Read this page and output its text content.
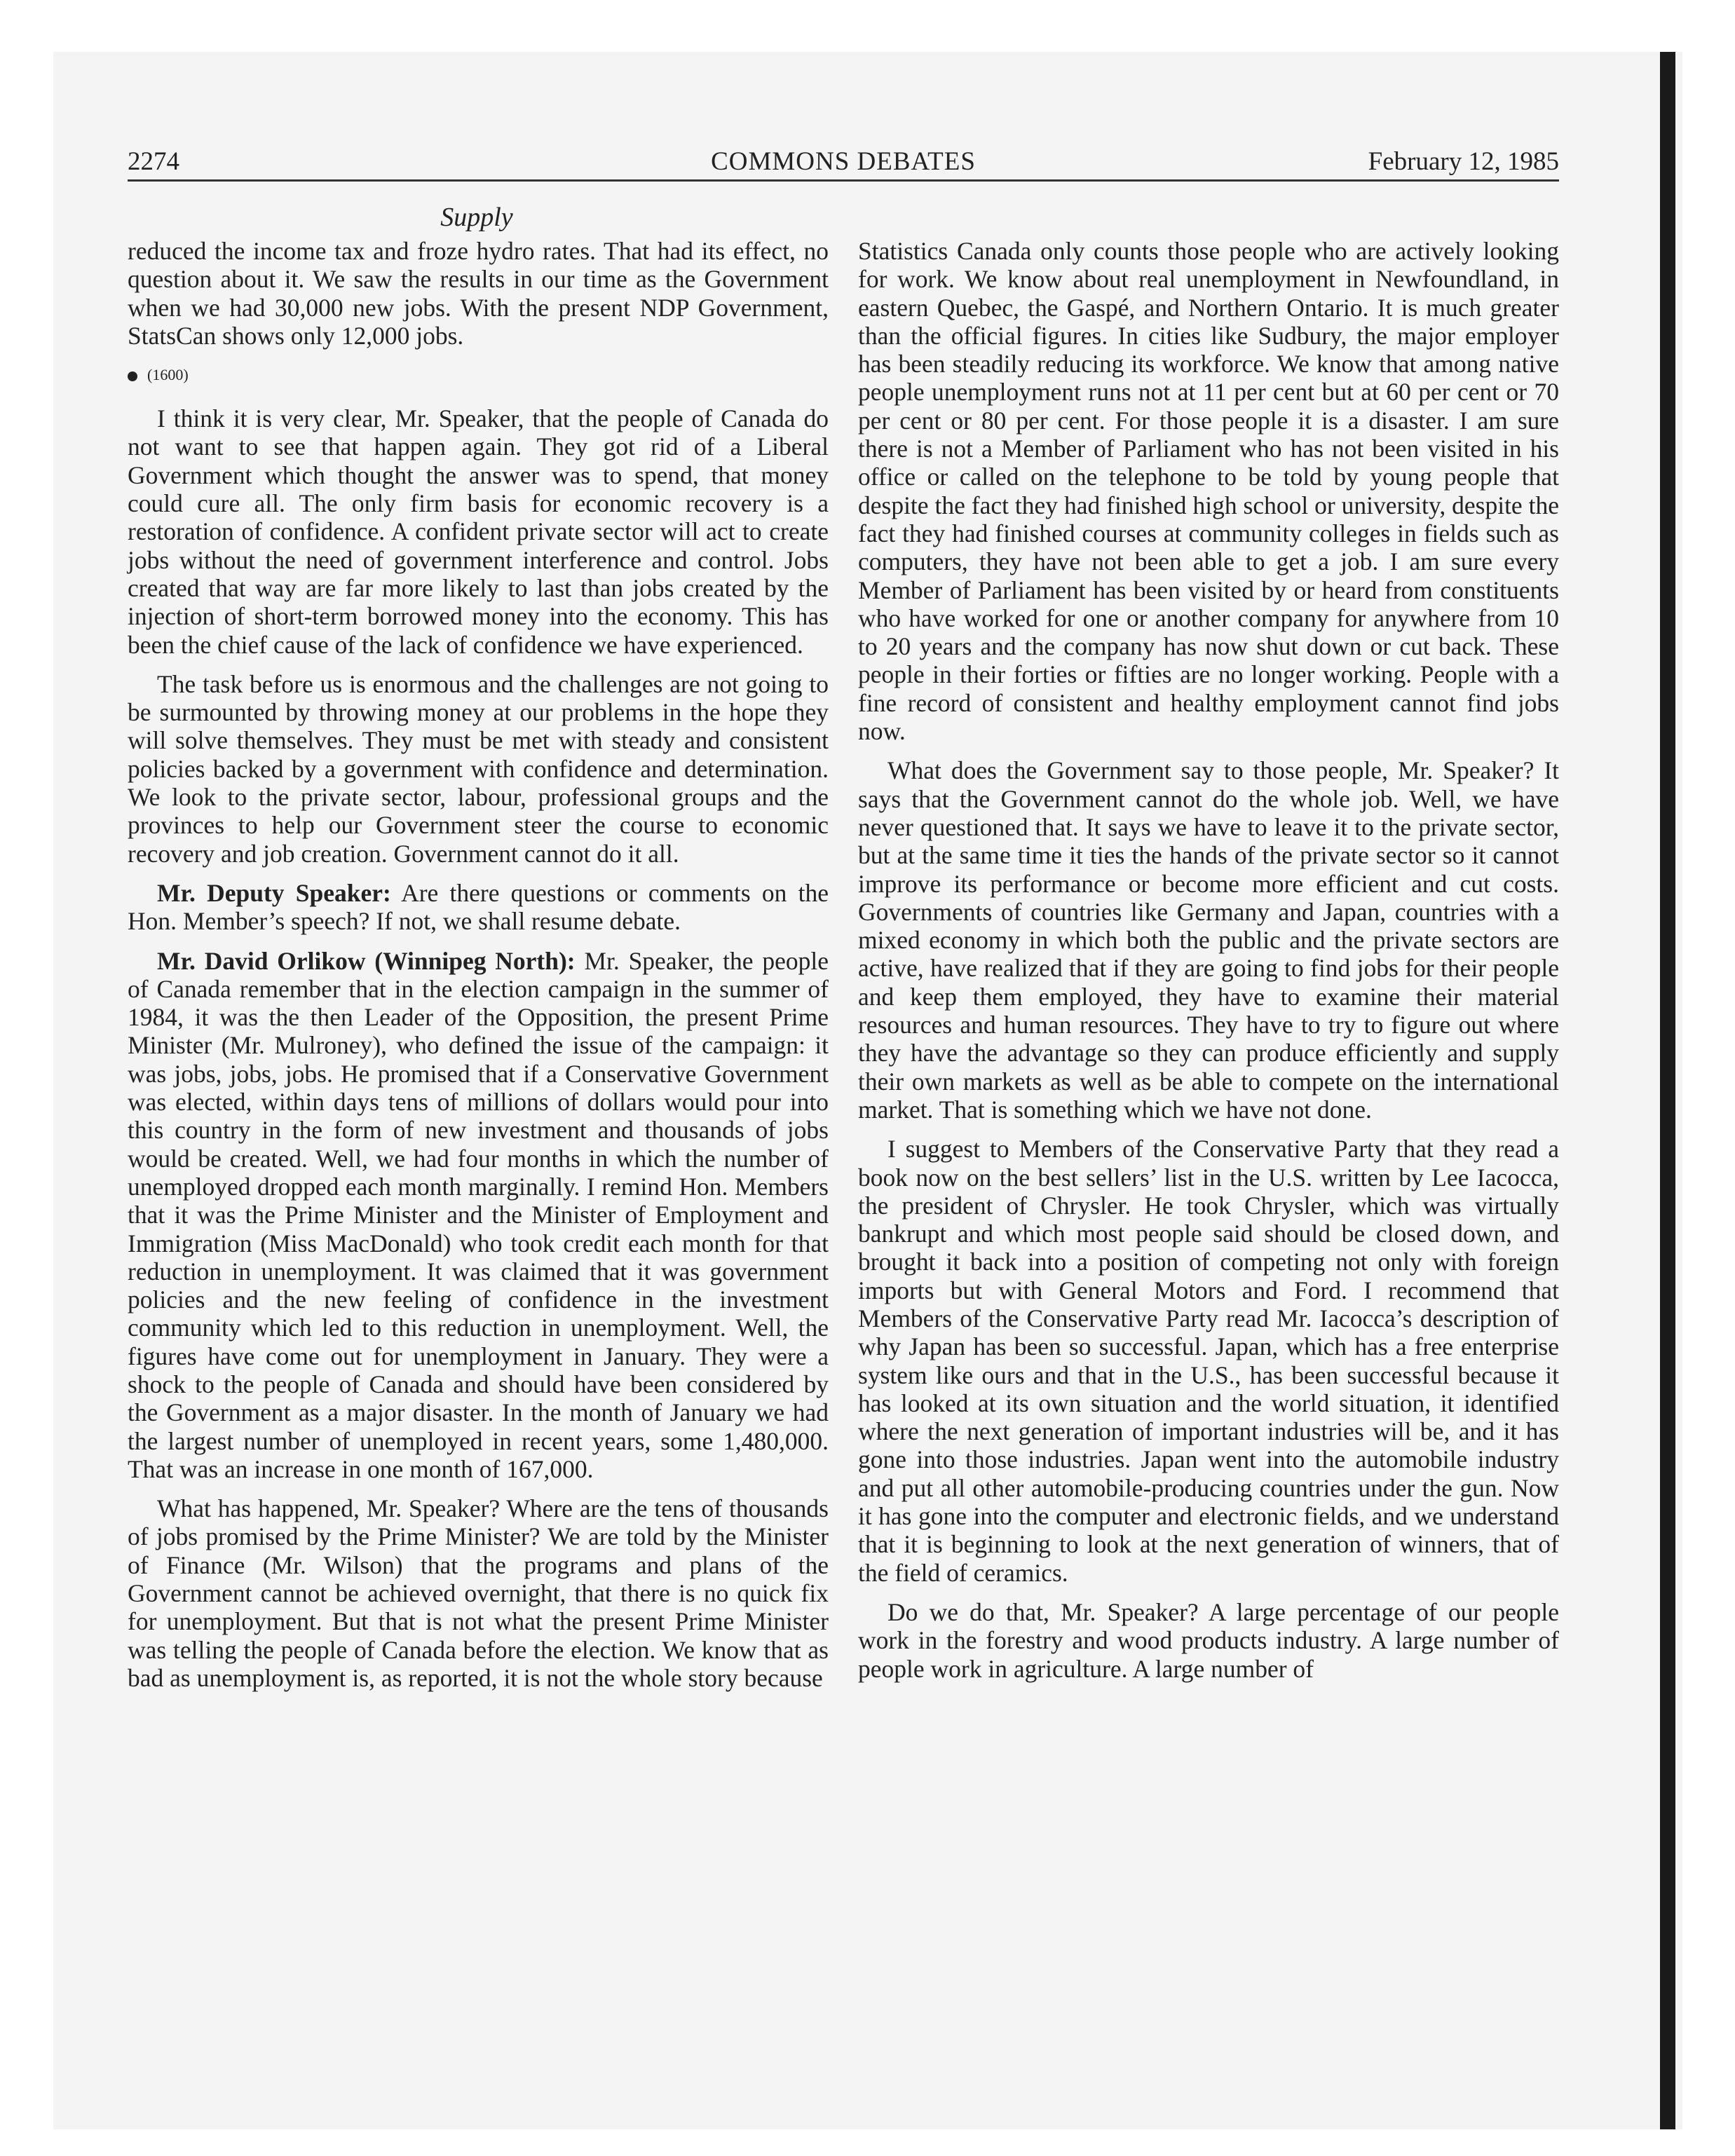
2274	COMMONS DEBATES	February 12, 1985
Supply

reduced the income tax and froze hydro rates. That had its effect, no question about it. We saw the results in our time as the Government when we had 30,000 new jobs. With the present NDP Government, StatsCan shows only 12,000 jobs.

(1600)

I think it is very clear, Mr. Speaker, that the people of Canada do not want to see that happen again. They got rid of a Liberal Government which thought the answer was to spend, that money could cure all. The only firm basis for economic recovery is a restoration of confidence. A confident private sector will act to create jobs without the need of government interference and control. Jobs created that way are far more likely to last than jobs created by the injection of short-term borrowed money into the economy. This has been the chief cause of the lack of confidence we have experienced.

The task before us is enormous and the challenges are not going to be surmounted by throwing money at our problems in the hope they will solve themselves. They must be met with steady and consistent policies backed by a government with confidence and determination. We look to the private sector, labour, professional groups and the provinces to help our Government steer the course to economic recovery and job creation. Government cannot do it all.

Mr. Deputy Speaker: Are there questions or comments on the Hon. Member’s speech? If not, we shall resume debate.

Mr. David Orlikow (Winnipeg North): Mr. Speaker, the people of Canada remember that in the election campaign in the summer of 1984, it was the then Leader of the Opposition, the present Prime Minister (Mr. Mulroney), who defined the issue of the campaign: it was jobs, jobs, jobs. He promised that if a Conservative Government was elected, within days tens of millions of dollars would pour into this country in the form of new investment and thousands of jobs would be created. Well, we had four months in which the number of unemployed dropped each month marginally. I remind Hon. Members that it was the Prime Minister and the Minister of Employment and Immigration (Miss MacDonald) who took credit each month for that reduction in unemployment. It was claimed that it was government policies and the new feeling of confidence in the investment community which led to this reduction in unemployment. Well, the figures have come out for unemployment in January. They were a shock to the people of Canada and should have been considered by the Government as a major disaster. In the month of January we had the largest number of unemployed in recent years, some 1,480,000. That was an increase in one month of 167,000.

What has happened, Mr. Speaker? Where are the tens of thousands of jobs promised by the Prime Minister? We are told by the Minister of Finance (Mr. Wilson) that the programs and plans of the Government cannot be achieved overnight, that there is no quick fix for unemployment. But that is not what the present Prime Minister was telling the people of Canada before the election. We know that as bad as unemployment is, as reported, it is not the whole story because

Statistics Canada only counts those people who are actively looking for work. We know about real unemployment in Newfoundland, in eastern Quebec, the Gaspé, and Northern Ontario. It is much greater than the official figures. In cities like Sudbury, the major employer has been steadily reducing its workforce. We know that among native people unemployment runs not at 11 per cent but at 60 per cent or 70 per cent or 80 per cent. For those people it is a disaster. I am sure there is not a Member of Parliament who has not been visited in his office or called on the telephone to be told by young people that despite the fact they had finished high school or university, despite the fact they had finished courses at community colleges in fields such as computers, they have not been able to get a job. I am sure every Member of Parliament has been visited by or heard from constituents who have worked for one or another company for anywhere from 10 to 20 years and the company has now shut down or cut back. These people in their forties or fifties are no longer working. People with a fine record of consistent and healthy employment cannot find jobs now.

What does the Government say to those people, Mr. Speaker? It says that the Government cannot do the whole job. Well, we have never questioned that. It says we have to leave it to the private sector, but at the same time it ties the hands of the private sector so it cannot improve its performance or become more efficient and cut costs. Governments of countries like Germany and Japan, countries with a mixed economy in which both the public and the private sectors are active, have realized that if they are going to find jobs for their people and keep them employed, they have to examine their material resources and human resources. They have to try to figure out where they have the advantage so they can produce efficiently and supply their own markets as well as be able to compete on the international market. That is something which we have not done.

I suggest to Members of the Conservative Party that they read a book now on the best sellers’ list in the U.S. written by Lee Iacocca, the president of Chrysler. He took Chrysler, which was virtually bankrupt and which most people said should be closed down, and brought it back into a position of competing not only with foreign imports but with General Motors and Ford. I recommend that Members of the Conservative Party read Mr. Iacocca’s description of why Japan has been so successful. Japan, which has a free enterprise system like ours and that in the U.S., has been successful because it has looked at its own situation and the world situation, it identified where the next generation of important industries will be, and it has gone into those industries. Japan went into the automobile industry and put all other automobile-producing countries under the gun. Now it has gone into the computer and electronic fields, and we understand that it is beginning to look at the next generation of winners, that of the field of ceramics.

Do we do that, Mr. Speaker? A large percentage of our people work in the forestry and wood products industry. A large number of people work in agriculture. A large number of
